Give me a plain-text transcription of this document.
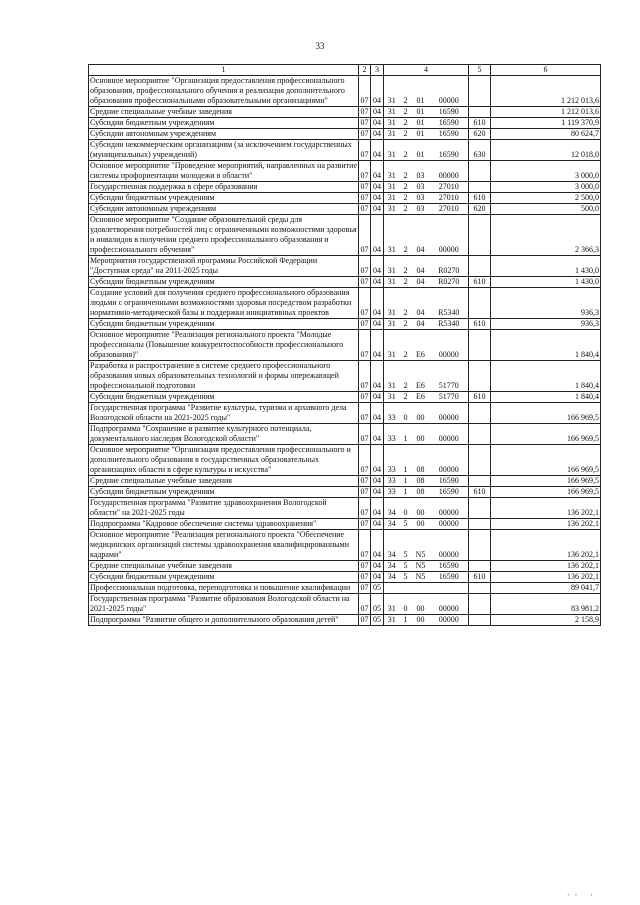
33
1	2	3	4				5	6
Основное мероприятие "Организация предоставления профессионального образования, профессионального обучения и реализация дополнительного образования профессиональными образовательными организациями"	07	04	31	2	01	00000		1 212 013,6
Средние специальные учебные заведения	07	04	31	2	01	16590		1 212 013,6
Субсидии бюджетным учреждениям	07	04	31	2	01	16590	610	1 119 370,9
Субсидии автономным учреждениям	07	04	31	2	01	16590	620	80 624,7
Субсидии некоммерческим организациям (за исключением государственных (муниципальных) учреждений)	07	04	31	2	01	16590	630	12 018,0
Основное мероприятие "Проведение мероприятий, направленных на развитие системы профориентации молодежи в области"	07	04	31	2	03	00000		3 000,0
Государственная поддержка в сфере образования	07	04	31	2	03	27010		3 000,0
Субсидии бюджетным учреждениям	07	04	31	2	03	27010	610	2 500,0
Субсидии автономным учреждениям	07	04	31	2	03	27010	620	500,0
Основное мероприятие "Создание образовательной среды для удовлетворения потребностей лиц с ограниченными возможностями здоровья и инвалидов в получении среднего профессионального образования и профессионального обучения"	07	04	31	2	04	00000		2 366,3
Мероприятия государственной программы Российской Федерации "Доступная среда" на 2011-2025 годы	07	04	31	2	04	R0270		1 430,0
Субсидии бюджетным учреждениям	07	04	31	2	04	R0270	610	1 430,0
Создание условий для получения среднего профессионального образования людьми с ограниченными возможностями здоровья посредством разработки нормативно-методической базы и поддержки инициативных проектов	07	04	31	2	04	R5340		936,3
Субсидии бюджетным учреждениям	07	04	31	2	04	R5340	610	936,3
Основное мероприятие "Реализация регионального проекта "Молодые профессионалы (Повышение конкурентоспособности профессионального образования)"	07	04	31	2	E6	00000		1 840,4
Разработка и распространение в системе среднего профессионального образования новых образовательных технологий и формы опережающей профессиональной подготовки	07	04	31	2	E6	51770		1 840,4
Субсидии бюджетным учреждениям	07	04	31	2	E6	51770	610	1 840,4
Государственная программа "Развитие культуры, туризма и архивного дела Вологодской области на 2021-2025 годы"	07	04	33	0	00	00000		166 969,5
Подпрограмма "Сохранение и развитие культурного потенциала, документального наследия Вологодской области"	07	04	33	1	00	00000		166 969,5
Основное мероприятие "Организация предоставления профессионального и дополнительного образования в государственных образовательных организациях области в сфере культуры и искусства"	07	04	33	1	08	00000		166 969,5
Средние специальные учебные заведения	07	04	33	1	08	16590		166 969,5
Субсидии бюджетным учреждениям	07	04	33	1	08	16590	610	166 969,5
Государственная программа "Развитие здравоохранения Вологодской области" на 2021-2025 годы	07	04	34	0	00	00000		136 202,1
Подпрограмма "Кадровое обеспечение системы здравоохранения"	07	04	34	5	00	00000		136 202,1
Основное мероприятие "Реализация регионального проекта "Обеспечение медицинских организаций системы здравоохранения квалифицированными кадрами"	07	04	34	5	N5	00000		136 202,1
Средние специальные учебные заведения	07	04	34	5	N5	16590		136 202,1
Субсидии бюджетным учреждениям	07	04	34	5	N5	16590	610	136 202,1
Профессиональная подготовка, переподготовка и повышение квалификации	07	05						89 041,7
Государственная программа "Развитие образования Вологодской области на 2021-2025 годы"	07	05	31	0	00	00000		83 981,2
Подпрограмма "Развитие общего и дополнительного образования детей"	07	05	31	1	00	00000		2 158,9
’’ ’
